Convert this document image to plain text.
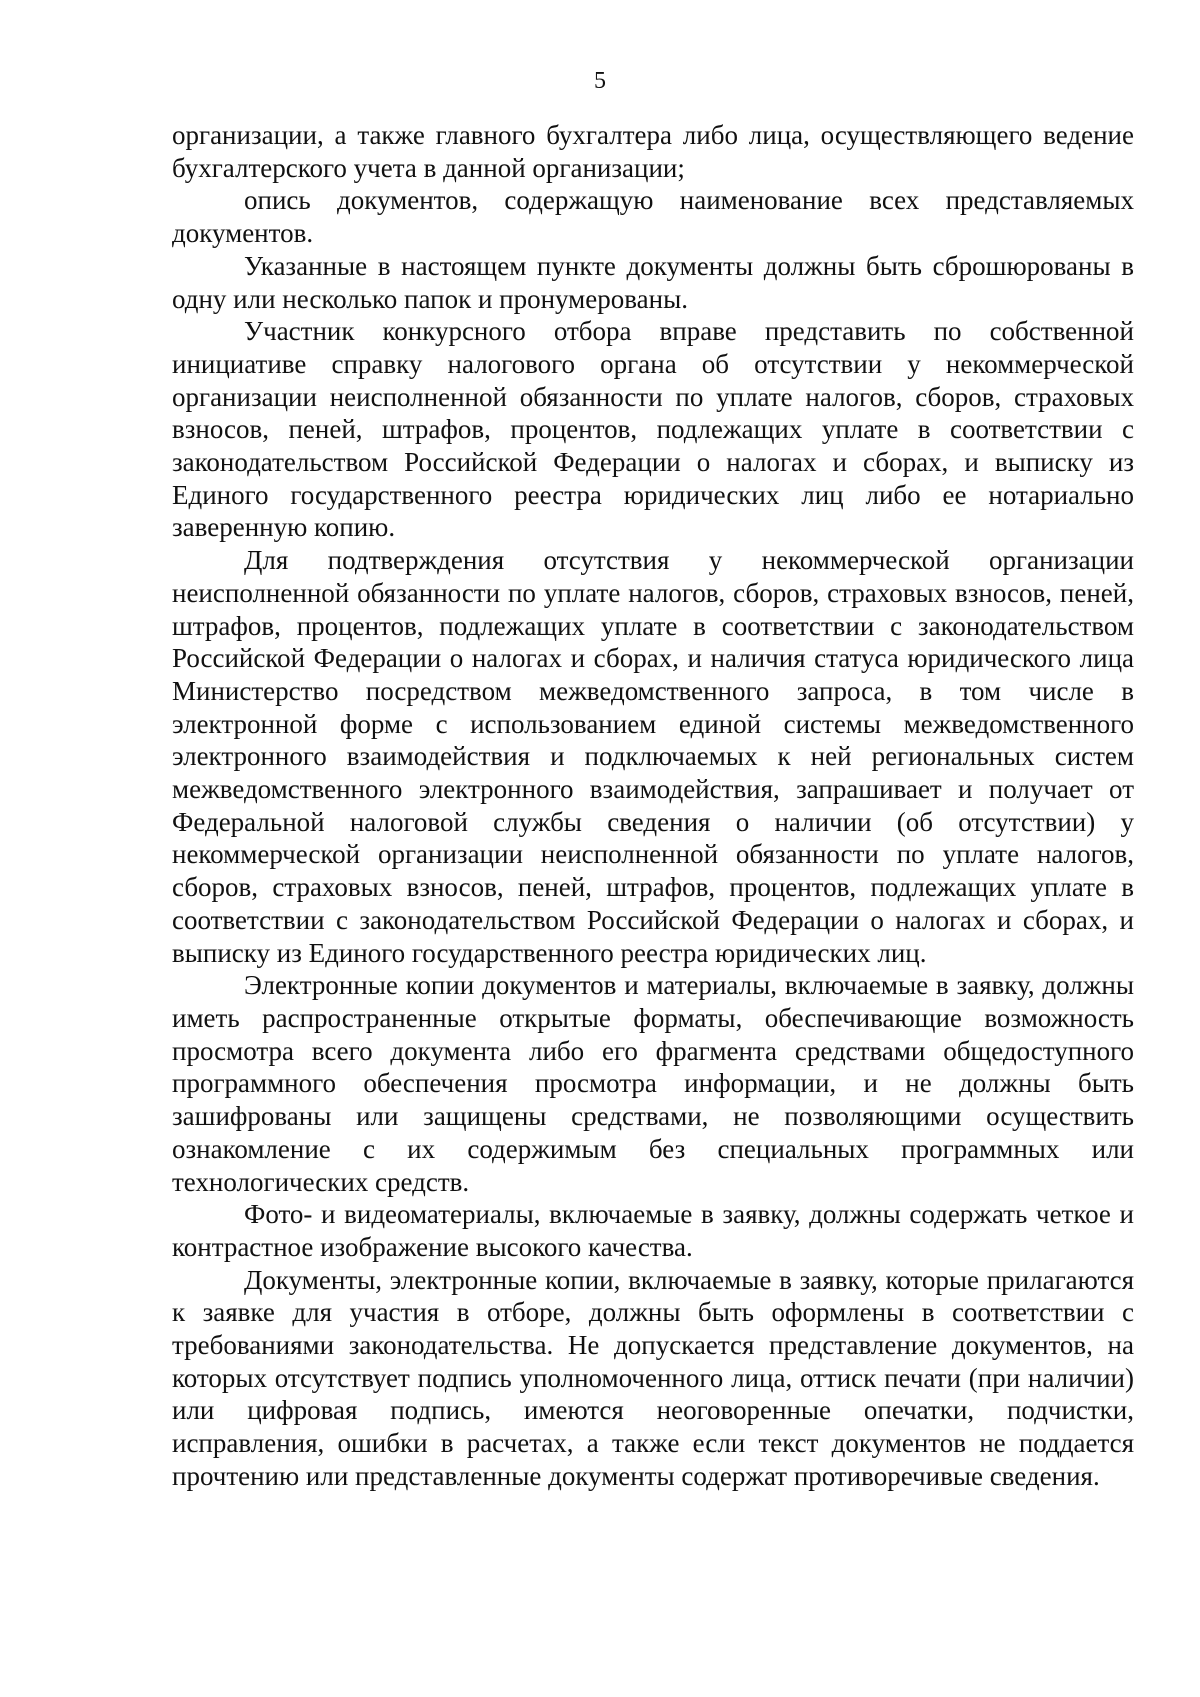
5

организации, а также главного бухгалтера либо лица, осуществляющего ведение бухгалтерского учета в данной организации;

опись документов, содержащую наименование всех представляемых документов.

Указанные в настоящем пункте документы должны быть сброшюрованы в одну или несколько папок и пронумерованы.

Участник конкурсного отбора вправе представить по собственной инициативе справку налогового органа об отсутствии у некоммерческой организации неисполненной обязанности по уплате налогов, сборов, страховых взносов, пеней, штрафов, процентов, подлежащих уплате в соответствии с законодательством Российской Федерации о налогах и сборах, и выписку из Единого государственного реестра юридических лиц либо ее нотариально заверенную копию.

Для подтверждения отсутствия у некоммерческой организации неисполненной обязанности по уплате налогов, сборов, страховых взносов, пеней, штрафов, процентов, подлежащих уплате в соответствии с законодательством Российской Федерации о налогах и сборах, и наличия статуса юридического лица Министерство посредством межведомственного запроса, в том числе в электронной форме с использованием единой системы межведомственного электронного взаимодействия и подключаемых к ней региональных систем межведомственного электронного взаимодействия, запрашивает и получает от Федеральной налоговой службы сведения о наличии (об отсутствии) у некоммерческой организации неисполненной обязанности по уплате налогов, сборов, страховых взносов, пеней, штрафов, процентов, подлежащих уплате в соответствии с законодательством Российской Федерации о налогах и сборах, и выписку из Единого государственного реестра юридических лиц.

Электронные копии документов и материалы, включаемые в заявку, должны иметь распространенные открытые форматы, обеспечивающие возможность просмотра всего документа либо его фрагмента средствами общедоступного программного обеспечения просмотра информации, и не должны быть зашифрованы или защищены средствами, не позволяющими осуществить ознакомление с их содержимым без специальных программных или технологических средств.

Фото- и видеоматериалы, включаемые в заявку, должны содержать четкое и контрастное изображение высокого качества.

Документы, электронные копии, включаемые в заявку, которые прилагаются к заявке для участия в отборе, должны быть оформлены в соответствии с требованиями законодательства. Не допускается представление документов, на которых отсутствует подпись уполномоченного лица, оттиск печати (при наличии) или цифровая подпись, имеются неоговоренные опечатки, подчистки, исправления, ошибки в расчетах, а также если текст документов не поддается прочтению или представленные документы содержат противоречивые сведения.
